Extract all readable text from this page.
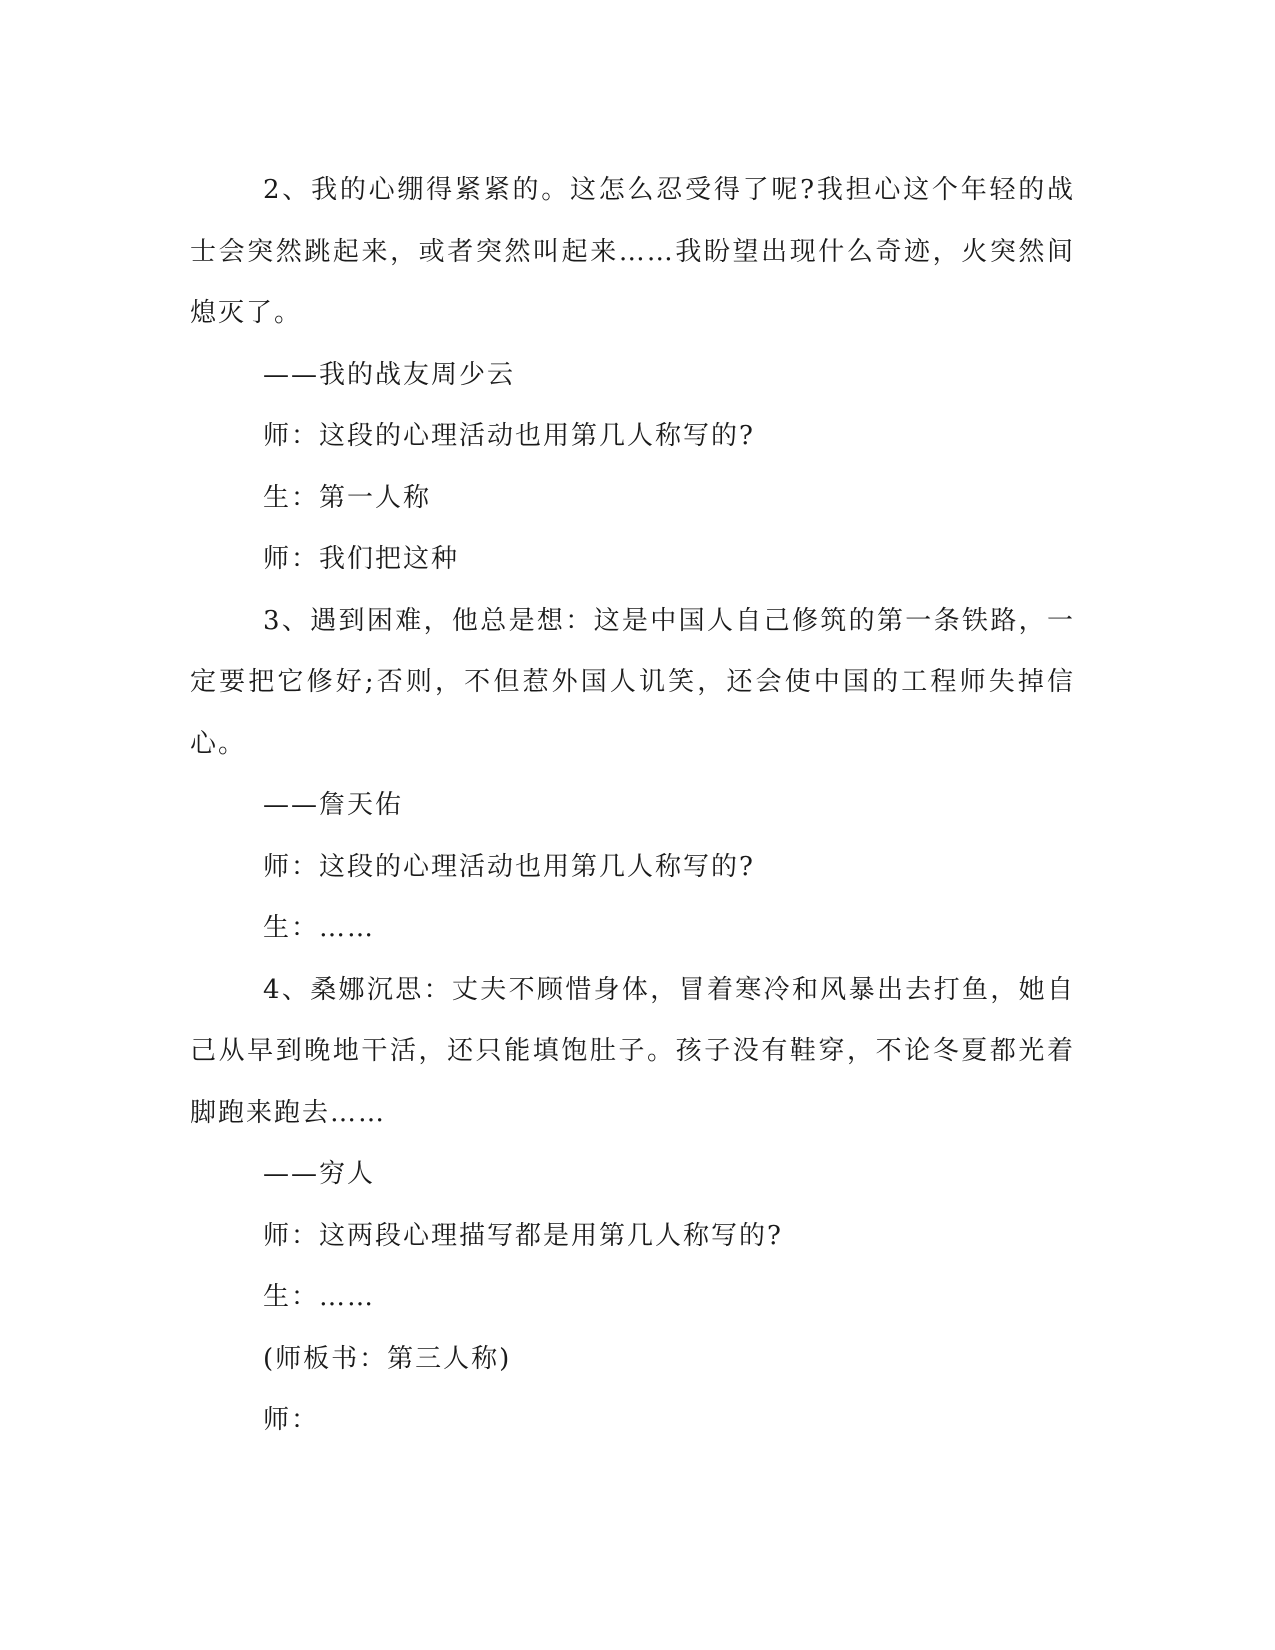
2、我的心绷得紧紧的。这怎么忍受得了呢?我担心这个年轻的战士会突然跳起来，或者突然叫起来……我盼望出现什么奇迹，火突然间熄灭了。

——我的战友周少云

师：这段的心理活动也用第几人称写的?

生：第一人称

师：我们把这种

3、遇到困难，他总是想：这是中国人自己修筑的第一条铁路，一定要把它修好;否则，不但惹外国人讥笑，还会使中国的工程师失掉信心。

——詹天佑

师：这段的心理活动也用第几人称写的?

生：……

4、桑娜沉思：丈夫不顾惜身体，冒着寒冷和风暴出去打鱼，她自己从早到晚地干活，还只能填饱肚子。孩子没有鞋穿，不论冬夏都光着脚跑来跑去……

——穷人

师：这两段心理描写都是用第几人称写的?

生：……

(师板书：第三人称)

师：
